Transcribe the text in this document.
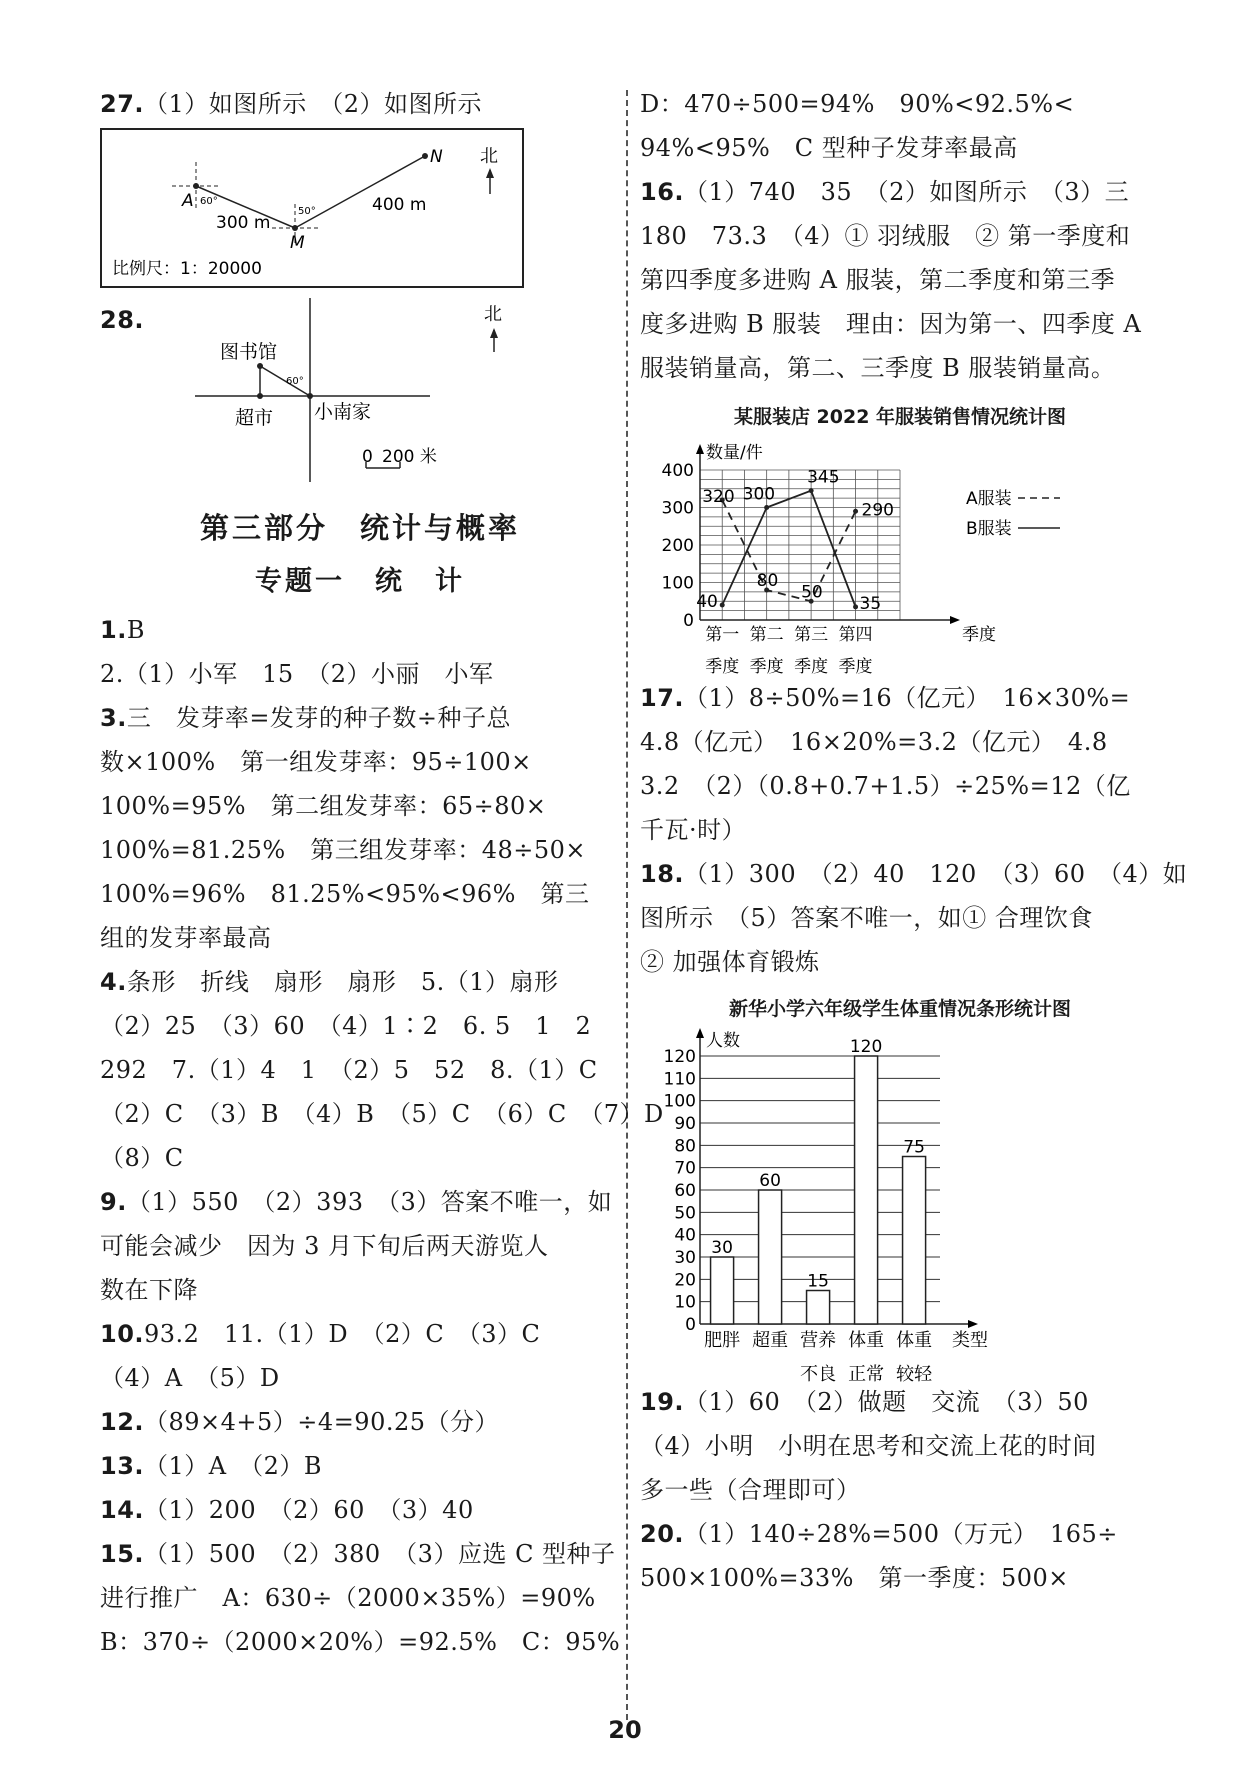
27.（1）如图所示　（2）如图所示
A 60°
50°
M
N
300 m
400 m
北
比例尺：1：20000
28.
图书馆
60°
超市 小南家
0 200 米
北
第三部分　统计与概率
专题一　统　计
1.B　
2.（1）小军　15　（2）小丽　小军
3.三　发芽率=发芽的种子数÷种子总
数×100%　第一组发芽率：95÷100×
100%=95%　第二组发芽率：65÷80×
100%=81.25%　第三组发芽率：48÷50×
100%=96%　81.25%<95%<96%　第三
组的发芽率最高
4.条形　折线　扇形　扇形　5.（1）扇形
（2）25　（3）60　（4）1∶2　6. 5　1　2
292　7.（1）4　1　（2）5　52　8.（1）C
（2）C　（3）B　（4）B　（5）C　（6）C　（7）D
（8）C
9.（1）550　（2）393　（3）答案不唯一，如
可能会减少　因为 3 月下旬后两天游览人
数在下降
10.93.2　11.（1）D　（2）C　（3）C
（4）A　（5）D
12.（89×4+5）÷4=90.25（分）
13.（1）A　（2）B
14.（1）200　（2）60　（3）40
15.（1）500　（2）380　（3）应选 C 型种子
进行推广　A：630÷（2000×35%）=90%
B：370÷（2000×20%）=92.5%　C：95%
D：470÷500=94%　90%<92.5%<
94%<95%　C 型种子发芽率最高
16.（1）740　35　（2）如图所示　（3）三
180　73.3　（4）① 羽绒服　② 第一季度和
第四季度多进购 A 服装，第二季度和第三季
度多进购 B 服装　理由：因为第一、四季度 A
服装销量高，第二、三季度 B 服装销量高。
某服装店 2022 年服装销售情况统计图
0
100
200
300
400
数量/件
第一
季度
第二
季度
第三
季度
第四
季度
季度
320
80
50
290
A服装
40
300
345
35
B服装
17.（1）8÷50%=16（亿元）　16×30%=
4.8（亿元）　16×20%=3.2（亿元）　4.8
3.2　（2）（0.8+0.7+1.5）÷25%=12（亿
千瓦·时）
18.（1）300　（2）40　120　（3）60　（4）如
图所示　（5）答案不唯一，如① 合理饮食
② 加强体育锻炼
新华小学六年级学生体重情况条形统计图
0
10
20
30
40
50
60
70
80
90
100
110
120
人数
30
肥胖
60
超重
15
营养
不良
120
体重
正常
75
体重
较轻
类型
19.（1）60　（2）做题　交流　（3）50
（4）小明　小明在思考和交流上花的时间
多一些（合理即可）
20.（1）140÷28%=500（万元）　165÷
500×100%=33%　第一季度：500×
20
